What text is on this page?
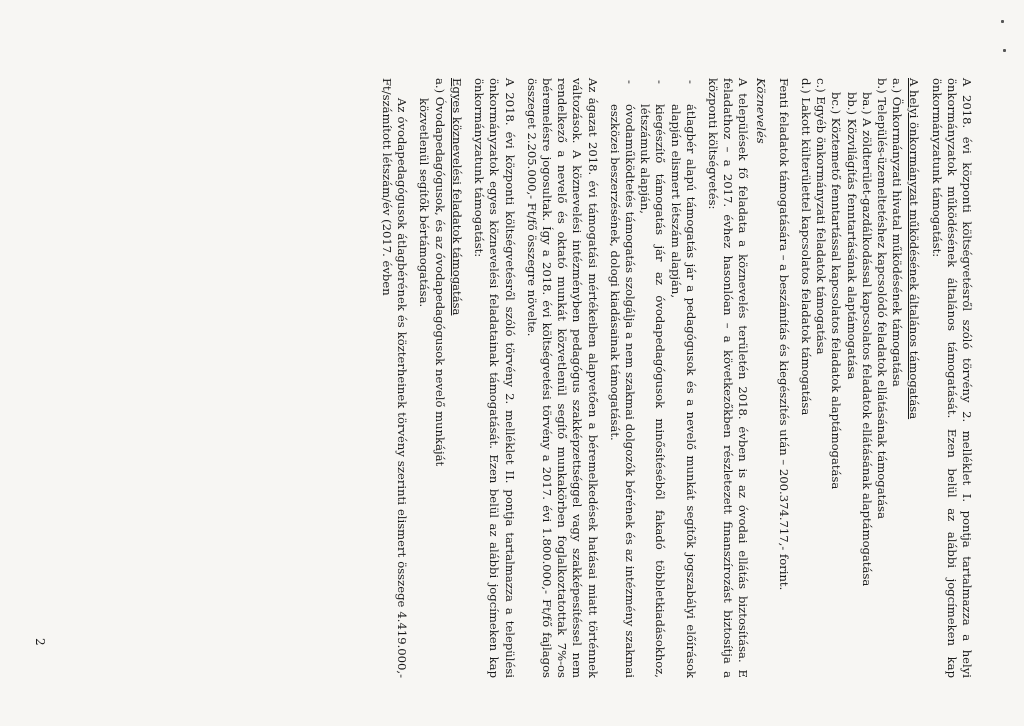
A 2018. évi központi költségvetésről szóló törvény 2. melléklet I. pontja tartalmazza a helyi önkormányzatok működésének általános támogatását. Ezen belül az alábbi jogcímeken kap önkormányzatunk támogatást:

A helyi önkormányzat működésének általános támogatása
a.) Önkormányzati hivatal működésének támogatása
b.) Település-üzemeltetéshez kapcsolódó feladatok ellátásának támogatása
ba.) A zöldterület-gazdálkodással kapcsolatos feladatok ellátásának alaptámogatása
bb.) Közvilágítás fenntartásának alaptámogatása
bc.) Köztemető fenntartással kapcsolatos feladatok alaptámogatása
c.) Egyéb önkormányzati feladatok támogatása
d.) Lakott külterülettel kapcsolatos feladatok támogatása

Fenti feladatok támogatására – a beszámítás és kiegészítés után – 200.374.717,- forint.

Köznevelés

A települések fő feladata a köznevelés területén 2018. évben is az óvodai ellátás biztosítása. E feladathoz – a 2017. évhez hasonlóan – a következőkben részletezett finanszírozást biztosítja a központi költségvetés:

- átlagbér alapú támogatás jár a pedagógusok és a nevelő munkát segítők jogszabályi előírások alapján elismert létszám alapján,
- kiegészítő támogatás jár az óvodapedagógusok minősítéséből fakadó többletkiadásokhoz, létszámuk alapján,
- óvodaműködtetés támogatás szolgálja a nem szakmai dolgozók bérének és az intézmény szakmai eszközei beszerzésének, dologi kiadásainak támogatását.

Az ágazat 2018. évi támogatási mértékeiben alapvetően a béremelkedések hatásai miatt történnek változások. A köznevelési intézményben pedagógus szakképzettséggel vagy szakképesítéssel nem rendelkező a nevelő és oktató munkát közvetlenül segítő munkakörben foglalkoztatottak 7%-os béremelésre jogosultak. Így a 2018. évi költségvetési törvény a 2017. évi 1.800.000,- Ft/fő fajlagos összeget 2.205.000,- Ft/fő összegre növelte.

A 2018. évi központi költségvetésről szóló törvény 2. melléklet II. pontja tartalmazza a települési önkormányzatok egyes köznevelési feladatainak támogatását. Ezen belül az alábbi jogcímeken kap önkormányzatunk támogatást:

Egyes köznevelési feladatok támogatása
a.) Óvodapedagógusok, és az óvodapedagógusok nevelő munkáját
közvetlenül segítők bértámogatása.

Az óvodapedagógusok átlagbérének és közterheinek törvény szerinti elismert összege 4.419.000,- Ft/számított létszám/év (2017. évben

2
